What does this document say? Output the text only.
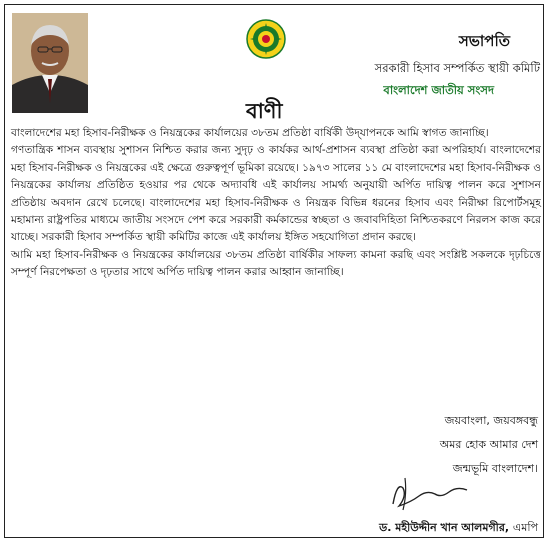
সভাপতি
সরকারী হিসাব সম্পর্কিত স্থায়ী কমিটি
বাংলাদেশ জাতীয় সংসদ
বাণী

বাংলাদেশের মহা হিসাব-নিরীক্ষক ও নিয়ন্ত্রকের কার্যালয়ের ৩৮তম প্রতিষ্ঠা বার্ষিকী উদ্‌যাপনকে আমি স্বাগত জানাচ্ছি।

গণতান্ত্রিক শাসন ব্যবস্থায় সুশাসন নিশ্চিত করার জন্য সুদৃঢ় ও কার্যকর আর্থ-প্রশাসন ব্যবস্থা প্রতিষ্ঠা করা অপরিহার্য। বাংলাদেশের মহা হিসাব-নিরীক্ষক ও নিয়ন্ত্রকের এই ক্ষেত্রে গুরুত্বপূর্ণ ভূমিকা রয়েছে। ১৯৭৩ সালের ১১ মে বাংলাদেশের মহা হিসাব-নিরীক্ষক ও নিয়ন্ত্রকের কার্যালয় প্রতিষ্ঠিত হওয়ার পর থেকে অদ্যাবধি এই কার্যালয় সামর্থ্য অনুযায়ী অর্পিত দায়িত্ব পালন করে সুশাসন প্রতিষ্ঠায় অবদান রেখে চলেছে। বাংলাদেশের মহা হিসাব-নিরীক্ষক ও নিয়ন্ত্রক বিভিন্ন ধরনের হিসাব এবং নিরীক্ষা রিপোর্টসমূহ মহামান্য রাষ্ট্রপতির মাধ্যমে জাতীয় সংসদে পেশ করে সরকারী কর্মকান্ডের স্বচ্ছতা ও জবাবদিহিতা নিশ্চিতকরণে নিরলস কাজ করে যাচ্ছে। সরকারী হিসাব সম্পর্কিত স্থায়ী কমিটির কাজে এই কার্যালয় ইঙ্গিত সহযোগিতা প্রদান করছে।

আমি মহা হিসাব-নিরীক্ষক ও নিয়ন্ত্রকের কার্যালয়ের ৩৮তম প্রতিষ্ঠা বার্ষিকীর সাফল্য কামনা করছি এবং সংশ্লিষ্ট সকলকে দৃঢ়চিত্তে সম্পূর্ণ নিরপেক্ষতা ও দৃঢ়তার সাথে অর্পিত দায়িত্ব পালন করার আহ্বান জানাচ্ছি।

জয়বাংলা, জয়বঙ্গবন্ধু
অমর হোক আমার দেশ
জন্মভূমি বাংলাদেশ।
ড. মহীউদ্দীন খান আলমগীর, এমপি
